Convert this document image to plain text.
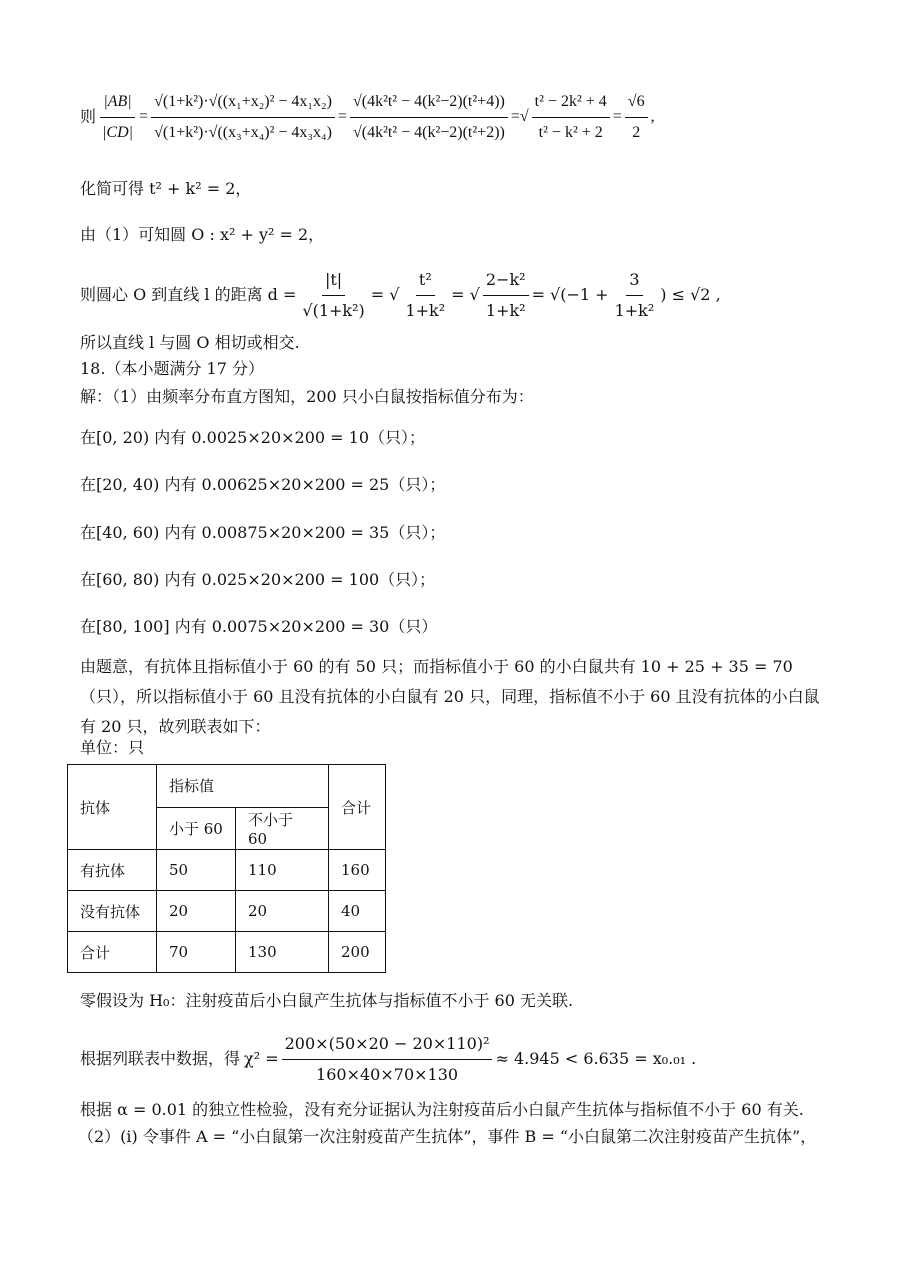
则 $\frac{|AB|}{|CD|} = \frac{\text{√(1+k²)·√((x₁+x₂)² − 4x₁x₂)}}{\text{√(1+k²)·√((x₃+x₄)² − 4x₃x₄)}} = \frac{\text{√(4k²t² − 4(k²−2)(t²+4))}}{\text{√(4k²t² − 4(k²−2)(t²+2))}}$ = √ $\frac{\text{t² − 2k² + 4}}{\text{t² − k² + 2}} = \frac{√6}{2}$ ,
化简可得 t² + k² = 2，
由（1）可知圆 O : x² + y² = 2，
则圆心 O 到直线 l 的距离 $d = \frac{|t|}{\text{√(1+k²)}}$ = √ $\frac{\text{t²}}{\text{1+k²}}$ = √ $\frac{\text{2−k²}}{\text{1+k²}} = √(-1 + \frac{3}{\text{1+k²}}$ ) ≤ √2 ,
所以直线 l 与圆 O 相切或相交.
18.（本小题满分 17 分）
解：（1）由频率分布直方图知，200 只小白鼠按指标值分布为：
在[0, 20) 内有 0.0025×20×200 = 10（只）；
在[20, 40) 内有 0.00625×20×200 = 25（只）；
在[40, 60) 内有 0.00875×20×200 = 35（只）；
在[60, 80) 内有 0.025×20×200 = 100（只）；
在[80, 100] 内有 0.0075×20×200 = 30（只）
由题意，有抗体且指标值小于 60 的有 50 只；而指标值小于 60 的小白鼠共有 10 + 25 + 35 = 70（只），所以指标值小于 60 且没有抗体的小白鼠有 20 只，同理，指标值不小于 60 且没有抗体的小白鼠有 20 只，故列联表如下：
单位：只
抗体	指标值		合计
	小于 60	不小于 60	
有抗体	50	110	160
没有抗体	20	20	40
合计	70	130	200
零假设为 H₀：注射疫苗后小白鼠产生抗体与指标值不小于 60 无关联.
根据列联表中数据，得 $\chi^2 = \frac{\text{200×(50×20 − 20×110)²}}{160\times 40\times 70\times 130} \approx 4.945 < 6.635 = x_0._{01}$ .
根据 α = 0.01 的独立性检验，没有充分证据认为注射疫苗后小白鼠产生抗体与指标值不小于 60 有关.
（2）(i) 令事件 A = “小白鼠第一次注射疫苗产生抗体”，事件 B = “小白鼠第二次注射疫苗产生抗体”，
